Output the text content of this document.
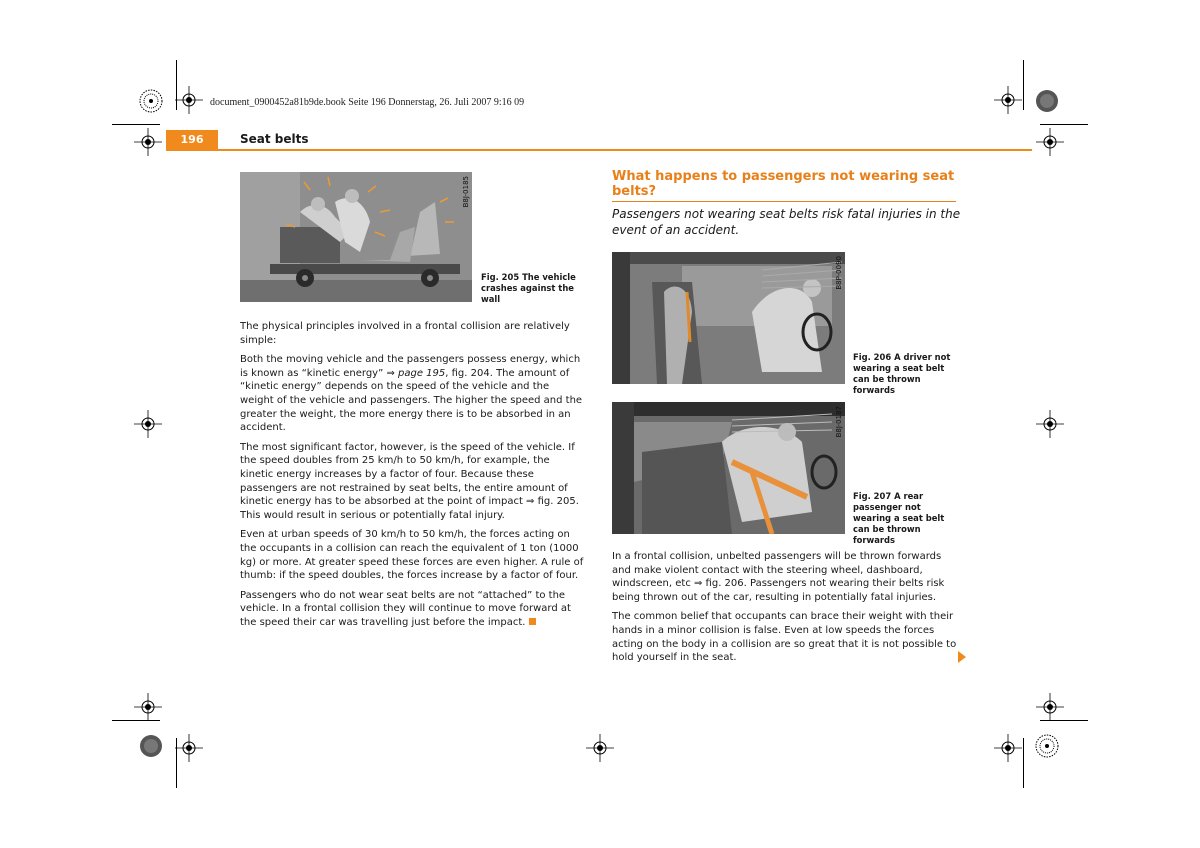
document_0900452a81b9de.book Seite 196 Donnerstag, 26. Juli 2007 9:16 09
196	Seat belts
B8J-0185
Fig. 205 The vehicle crashes against the wall

The physical principles involved in a frontal collision are relatively simple:

Both the moving vehicle and the passengers possess energy, which is known as “kinetic energy” ⇒ page 195, fig. 204. The amount of “kinetic energy” depends on the speed of the vehicle and the weight of the vehicle and passengers. The higher the speed and the greater the weight, the more energy there is to be absorbed in an accident.

The most significant factor, however, is the speed of the vehicle. If the speed doubles from 25 km/h to 50 km/h, for example, the kinetic energy increases by a factor of four. Because these passengers are not restrained by seat belts, the entire amount of kinetic energy has to be absorbed at the point of impact ⇒ fig. 205. This would result in serious or potentially fatal injury.

Even at urban speeds of 30 km/h to 50 km/h, the forces acting on the occupants in a collision can reach the equivalent of 1 ton (1000 kg) or more. At greater speed these forces are even higher. A rule of thumb: if the speed doubles, the forces increase by a factor of four.

Passengers who do not wear seat belts are not “attached” to the vehicle. In a frontal collision they will continue to move forward at the speed their car was travelling just before the impact.

What happens to passengers not wearing seat belts?
Passengers not wearing seat belts risk fatal injuries in the event of an accident.
B8P-0090
Fig. 206 A driver not wearing a seat belt can be thrown forwards
B8J-0187
Fig. 207 A rear passenger not wearing a seat belt can be thrown forwards

In a frontal collision, unbelted passengers will be thrown forwards and make violent contact with the steering wheel, dashboard, windscreen, etc ⇒ fig. 206. Passengers not wearing their belts risk being thrown out of the car, resulting in potentially fatal injuries.

The common belief that occupants can brace their weight with their hands in a minor collision is false. Even at low speeds the forces acting on the body in a collision are so great that it is not possible to hold yourself in the seat.
